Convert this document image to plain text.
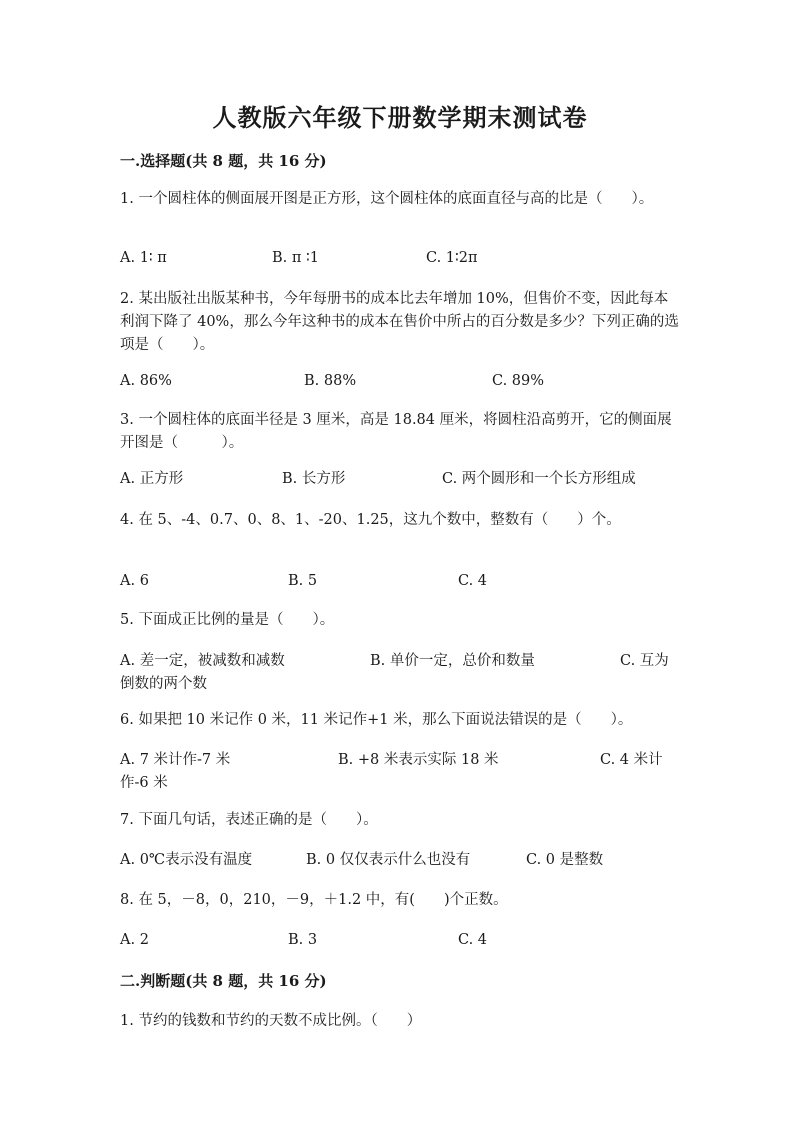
人教版六年级下册数学期末测试卷
一.选择题(共 8 题，共 16 分)
1. 一个圆柱体的侧面展开图是正方形，这个圆柱体的底面直径与高的比是（　　）。
A. 1∶ π	B. π ∶1	C. 1∶2π
2. 某出版社出版某种书，今年每册书的成本比去年增加 10%，但售价不变，因此每本利润下降了 40%，那么今年这种书的成本在售价中所占的百分数是多少？下列正确的选项是（　　）。
A. 86%	B. 88%	C. 89%
3. 一个圆柱体的底面半径是 3 厘米，高是 18.84 厘米，将圆柱沿高剪开，它的侧面展开图是（　　　）。
A. 正方形	B. 长方形	C. 两个圆形和一个长方形组成
4. 在 5、-4、0.7、0、8、1、-20、1.25，这九个数中，整数有（　　）个。
A. 6	B. 5	C. 4
5. 下面成正比例的量是（　　）。
A. 差一定，被减数和减数	B. 单价一定，总价和数量	C. 互为倒数的两个数
6. 如果把 10 米记作 0 米，11 米记作+1 米，那么下面说法错误的是（　　）。
A. 7 米计作-7 米	B. +8 米表示实际 18 米	C. 4 米计作-6 米
7. 下面几句话，表述正确的是（　　）。
A. 0℃表示没有温度	B. 0 仅仅表示什么也没有	C. 0 是整数
8. 在 5，－8，0，210，－9，＋1.2 中，有(　　)个正数。
A. 2	B. 3	C. 4
二.判断题(共 8 题，共 16 分)
1. 节约的钱数和节约的天数不成比例。（　　）
